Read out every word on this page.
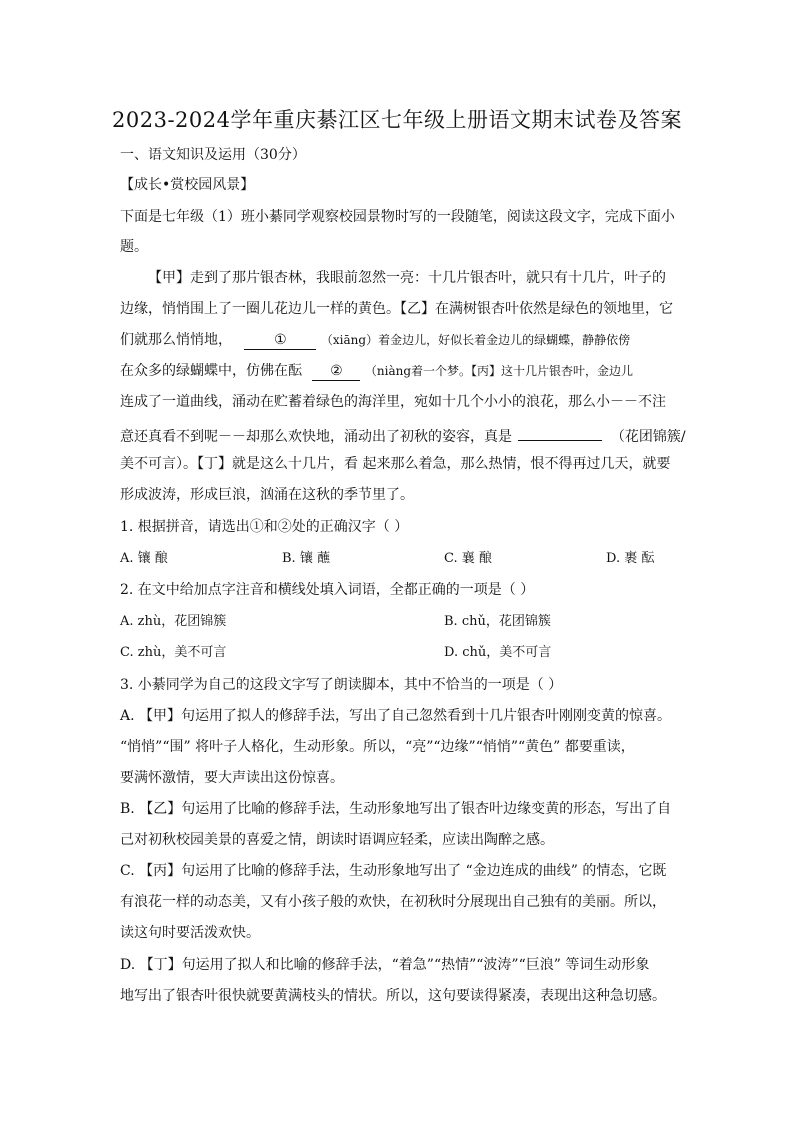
2023-2024学年重庆綦江区七年级上册语文期末试卷及答案
一、语文知识及运用（30分）
【成长•赏校园风景】
下面是七年级（1）班小綦同学观察校园景物时写的一段随笔，阅读这段文字，完成下面小
题。
【甲】走到了那片银杏林，我眼前忽然一亮：十几片银杏叶，就只有十几片，叶子的
边缘，悄悄围上了一圈儿花边儿一样的黄色。【乙】在满树银杏叶依然是绿色的领地里，它
们就那么悄悄地，	①	（xiāng）着金边儿，好似长着金边儿的绿蝴蝶，静静依傍
在众多的绿蝴蝶中，仿佛在酝 ② （niàng着一个梦。【丙】这十几片银杏叶，金边儿
连成了一道曲线，涌动在贮蓄着绿色的海洋里，宛如十几个小小的浪花，那么小－－不注
意还真看不到呢－－却那么欢快地，涌动出了初秋的姿容，真是	（花团锦簇/
美不可言）。【丁】就是这么十几片，看 起来那么着急，那么热情，恨不得再过几天，就要
形成波涛，形成巨浪，汹涌在这秋的季节里了。
1. 根据拼音，请选出①和②处的正确汉字（ ）
A. 镶 酿	B. 镶 蘸	C. 襄 酿	D. 裹 酝
2. 在文中给加点字注音和横线处填入词语，全都正确的一项是（ ）
A. zhù，花团锦簇	B. chǔ，花团锦簇
C. zhù，美不可言	D. chǔ，美不可言
3. 小綦同学为自己的这段文字写了朗读脚本，其中不恰当的一项是（ ）
A. 【甲】句运用了拟人的修辞手法，写出了自己忽然看到十几片银杏叶刚刚变黄的惊喜。
“悄悄”“围” 将叶子人格化，生动形象。所以，“亮”“边缘”“悄悄”“黄色” 都要重读，
要满怀激情，要大声读出这份惊喜。
B. 【乙】句运用了比喻的修辞手法，生动形象地写出了银杏叶边缘变黄的形态，写出了自
己对初秋校园美景的喜爱之情，朗读时语调应轻柔，应读出陶醉之感。
C. 【丙】句运用了比喻的修辞手法，生动形象地写出了 “金边连成的曲线” 的情态，它既
有浪花一样的动态美，又有小孩子般的欢快，在初秋时分展现出自己独有的美丽。所以，
读这句时要活泼欢快。
D. 【丁】句运用了拟人和比喻的修辞手法，“着急”“热情”“波涛”“巨浪” 等词生动形象
地写出了银杏叶很快就要黄满枝头的情状。所以，这句要读得紧凑，表现出这种急切感。
